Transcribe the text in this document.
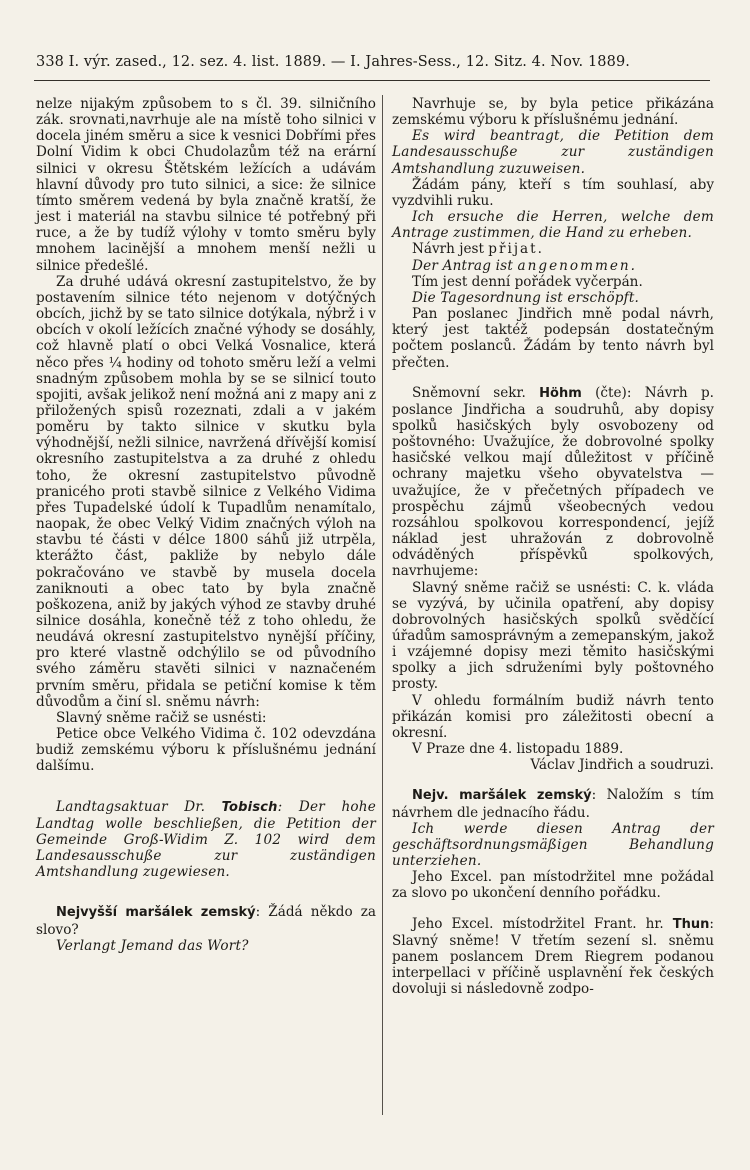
338 I. výr. zased., 12. sez. 4. list. 1889. — I. Jahres-Sess., 12. Sitz. 4. Nov. 1889.

nelze nijakým způsobem to s čl. 39. silničního zák. srovnati,navrhuje ale na místě toho silnici v docela jiném směru a sice k vesnici Dobřími přes Dolní Vidim k obci Chudolazům též na erární silnici v okresu Štětském ležících a udávám hlavní důvody pro tuto silnici, a sice: že silnice tímto směrem vedená by byla značně kratší, že jest i materiál na stavbu silnice té potřebný při ruce, a že by tudíž výlohy v tomto směru byly mnohem lacinější a mnohem menší nežli u silnice předešlé.

Za druhé udává okresní zastupitelstvo, že by postavením silnice této nejenom v dotýčných obcích, jichž by se tato silnice dotýkala, nýbrž i v obcích v okolí ležících značné výhody se dosáhly, což hlavně platí o obci Velká Vosnalice, která něco přes ¼ hodiny od tohoto směru leží a velmi snadným způsobem mohla by se se silnicí touto spojiti, avšak jelikož není možná ani z mapy ani z přiložených spisů rozeznati, zdali a v jakém poměru by takto silnice v skutku byla výhodnější, nežli silnice, navržená dřívější komisí okresního zastupitelstva a za druhé z ohledu toho, že okresní zastupitelstvo původně pranicého proti stavbě silnice z Velkého Vidima přes Tupadelské údolí k Tupadlům nenamítalo, naopak, že obec Velký Vidim značných výloh na stavbu té části v délce 1800 sáhů již utrpěla, kterážto část, pakliže by nebylo dále pokračováno ve stavbě by musela docela zaniknouti a obec tato by byla značně poškozena, aniž by jakých výhod ze stavby druhé silnice dosáhla, konečně též z toho ohledu, že neudává okresní zastupitelstvo nynější příčiny, pro které vlastně odchýlilo se od původního svého záměru stavěti silnici v naznačeném prvním směru, přidala se petiční komise k těm důvodům a činí sl. sněmu návrh:

Slavný sněme račiž se usnésti:

Petice obce Velkého Vidima č. 102 odevzdána budiž zemskému výboru k příslušnému jednání dalšímu.

Landtagsaktuar Dr. Tobisch: Der hohe Landtag wolle beschließen, die Petition der Gemeinde Groß-Widim Z. 102 wird dem Landesausschuße zur zuständigen Amtshandlung zugewiesen.

Nejvyšší maršálek zemský: Žádá někdo za slovo?

Verlangt Jemand das Wort?

Navrhuje se, by byla petice přikázána zemskému výboru k příslušnému jednání.

Es wird beantragt, die Petition dem Landesausschuße zur zuständigen Amtshandlung zuzuweisen.

Žádám pány, kteří s tím souhlasí, aby vyzdvihli ruku.

Ich ersuche die Herren, welche dem Antrage zustimmen, die Hand zu erheben.

Návrh jest přijat.

Der Antrag ist angenommen.

Tím jest denní pořádek vyčerpán.

Die Tagesordnung ist erschöpft.

Pan poslanec Jindřich mně podal návrh, který jest taktéž podepsán dostatečným počtem poslanců. Žádám by tento návrh byl přečten.

Sněmovní sekr. Höhm (čte): Návrh p. poslance Jindřicha a soudruhů, aby dopisy spolků hasičských byly osvobozeny od poštovného: Uvažujíce, že dobrovolné spolky hasičské velkou mají důležitost v příčině ochrany majetku všeho obyvatelstva — uvažujíce, že v přečetných případech ve prospěchu zájmů všeobecných vedou rozsáhlou spolkovou korrespondencí, jejíž náklad jest uhražován z dobrovolně odváděných příspěvků spolkových, navrhujeme:

Slavný sněme račiž se usnésti: C. k. vláda se vyzývá, by učinila opatření, aby dopisy dobrovolných hasičských spolků svědčící úřadům samosprávným a zemepanským, jakož i vzájemné dopisy mezi těmito hasičskými spolky a jich sdruženími byly poštovného prosty.

V ohledu formálním budiž návrh tento přikázán komisi pro záležitosti obecní a okresní.

V Praze dne 4. listopadu 1889.

Václav Jindřich a soudruzi.

Nejv. maršálek zemský: Naložím s tím návrhem dle jednacího řádu.

Ich werde diesen Antrag der geschäftsordnungsmäßigen Behandlung unterziehen.

Jeho Excel. pan místodržitel mne požádal za slovo po ukončení denního pořádku.

Jeho Excel. místodržitel Frant. hr. Thun: Slavný sněme! V třetím sezení sl. sněmu panem poslancem Drem Riegrem podanou interpellaci v příčině usplavnění řek českých dovoluji si následovně zodpo-
